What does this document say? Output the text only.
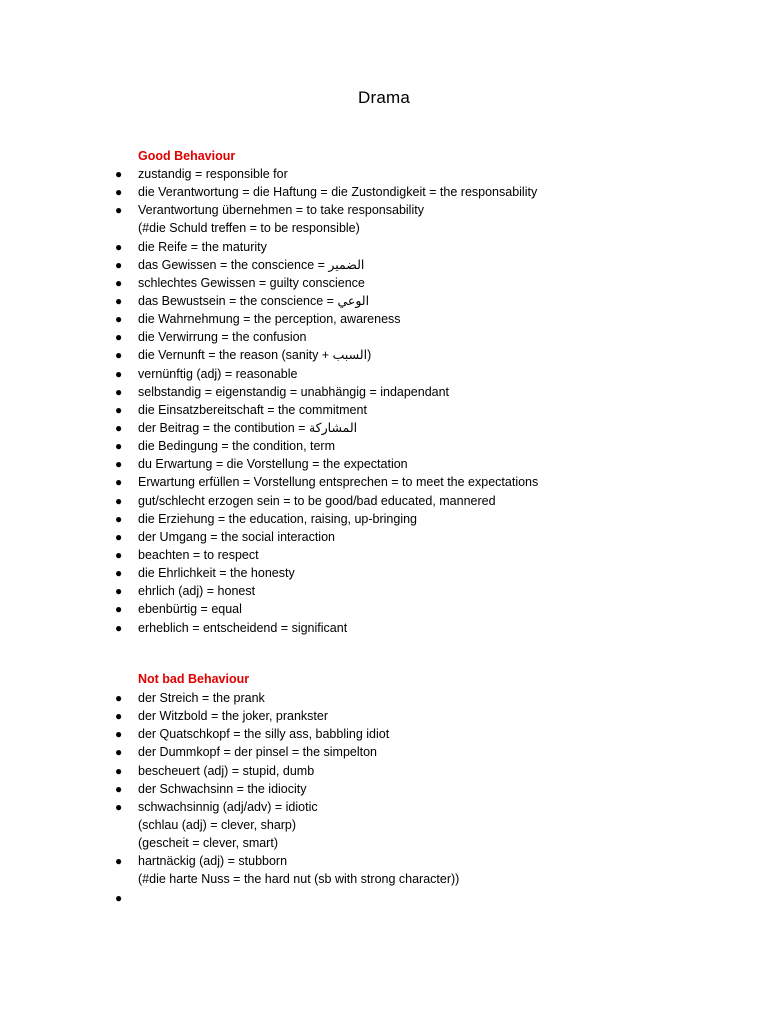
Drama
Good Behaviour
● zustandig = responsible for
● die Verantwortung = die Haftung = die Zustondigkeit = the responsability
● Verantwortung übernehmen = to take responsability
(#die Schuld treffen = to be responsible)
● die Reife = the maturity
● das Gewissen = the conscience = الضمير
● schlechtes Gewissen = guilty conscience
● das Bewustsein = the conscience = الوعي
● die Wahrnehmung = the perception, awareness
● die Verwirrung = the confusion
● die Vernunft = the reason (sanity + السبب)
● vernünftig (adj) = reasonable
● selbstandig = eigenstandig = unabhängig = indapendant
● die Einsatzbereitschaft = the commitment
● der Beitrag = the contibution = المشاركة
● die Bedingung = the condition, term
● du Erwartung = die Vorstellung = the expectation
● Erwartung erfüllen = Vorstellung entsprechen = to meet the expectations
● gut/schlecht erzogen sein = to be good/bad educated, mannered
● die Erziehung = the education, raising, up-bringing
● der Umgang = the social interaction
● beachten = to respect
● die Ehrlichkeit = the honesty
● ehrlich (adj) = honest
● ebenbürtig = equal
● erheblich = entscheidend = significant
Not bad Behaviour
● der Streich = the prank
● der Witzbold = the joker, prankster
● der Quatschkopf = the silly ass, babbling idiot
● der Dummkopf = der pinsel = the simpelton
● bescheuert (adj) = stupid, dumb
● der Schwachsinn = the idiocity
● schwachsinnig (adj/adv) = idiotic
(schlau (adj) = clever, sharp)
(gescheit = clever, smart)
● hartnäckig (adj) = stubborn
(#die harte Nuss = the hard nut (sb with strong character))
●
